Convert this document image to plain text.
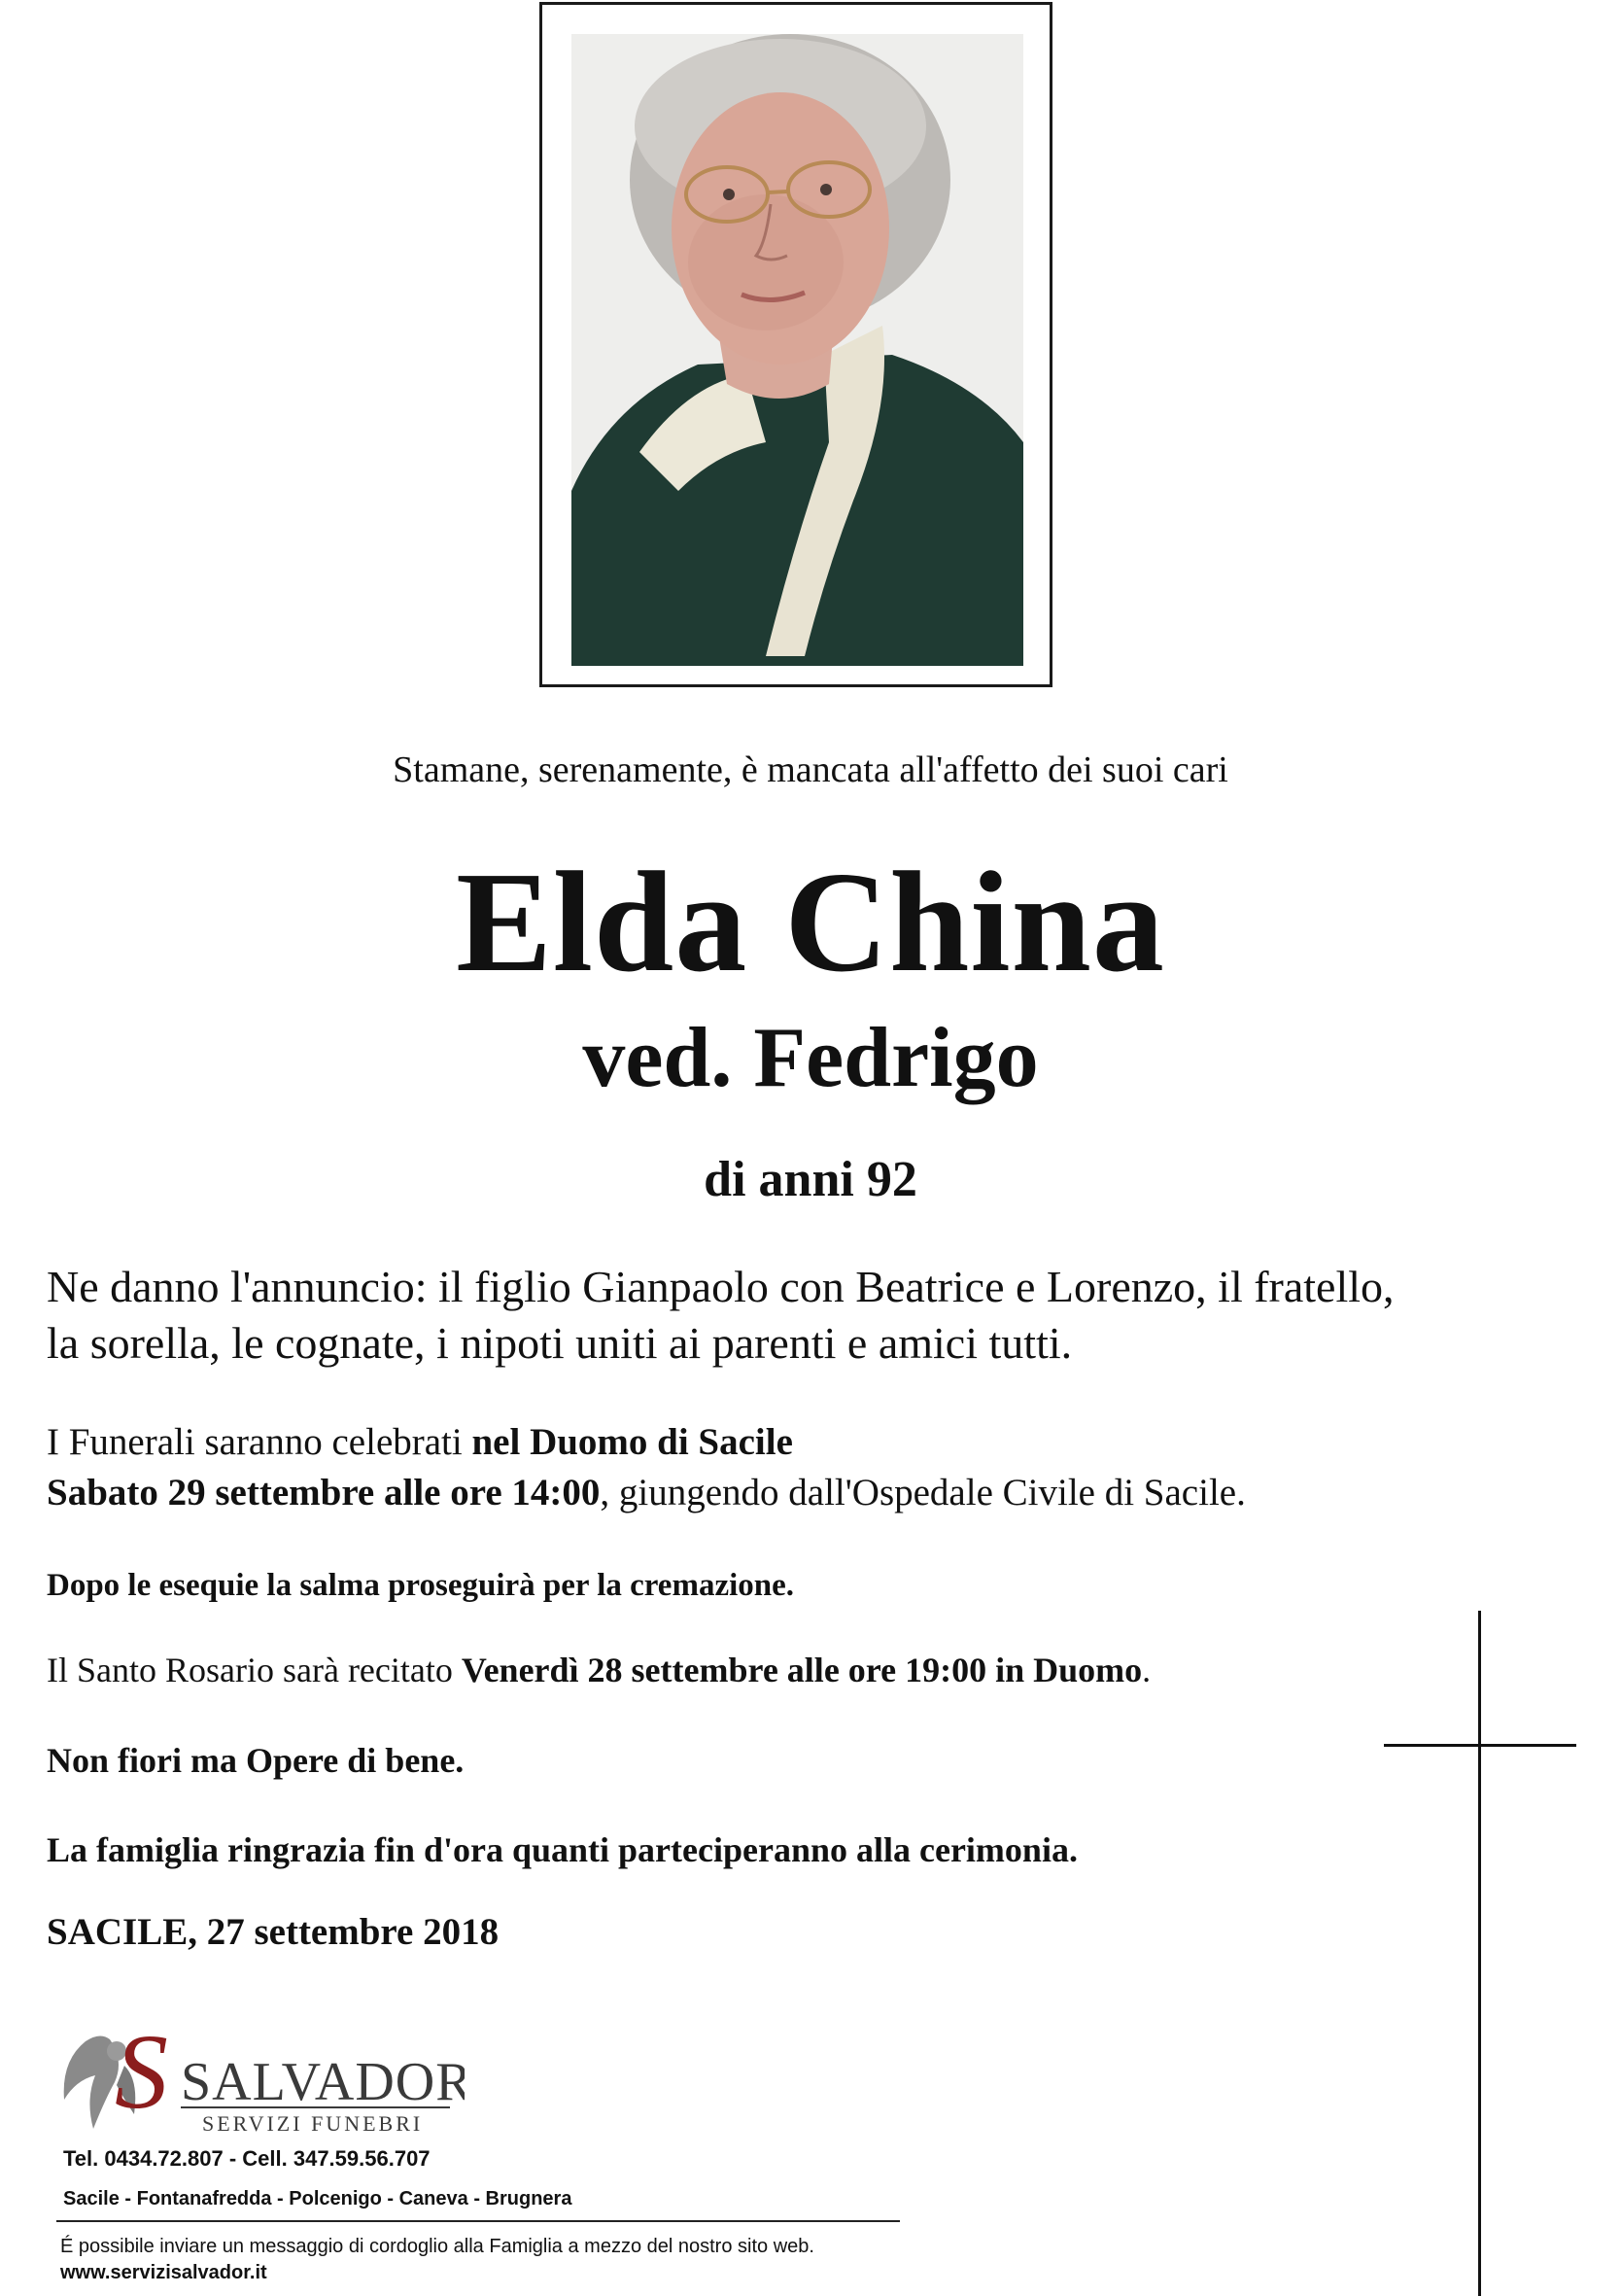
Stamane, serenamente, è mancata all'affetto dei suoi cari
Elda China
ved. Fedrigo
di anni 92
Ne danno l'annuncio: il figlio Gianpaolo con Beatrice e Lorenzo, il fratello,
la sorella, le cognate, i nipoti uniti ai parenti e amici tutti.
I Funerali saranno celebrati nel Duomo di Sacile
Sabato 29 settembre alle ore 14:00, giungendo dall'Ospedale Civile di Sacile.
Dopo le esequie la salma proseguirà per la cremazione.
Il Santo Rosario sarà recitato Venerdì 28 settembre alle ore 19:00 in Duomo.
Non fiori ma Opere di bene.
La famiglia ringrazia fin d'ora quanti parteciperanno alla cerimonia.
SACILE, 27 settembre 2018
S SALVADOR
SERVIZI FUNEBRI
Tel. 0434.72.807 - Cell. 347.59.56.707
Sacile - Fontanafredda - Polcenigo - Caneva - Brugnera
É possibile inviare un messaggio di cordoglio alla Famiglia a mezzo del nostro sito web.
www.servizisalvador.it
